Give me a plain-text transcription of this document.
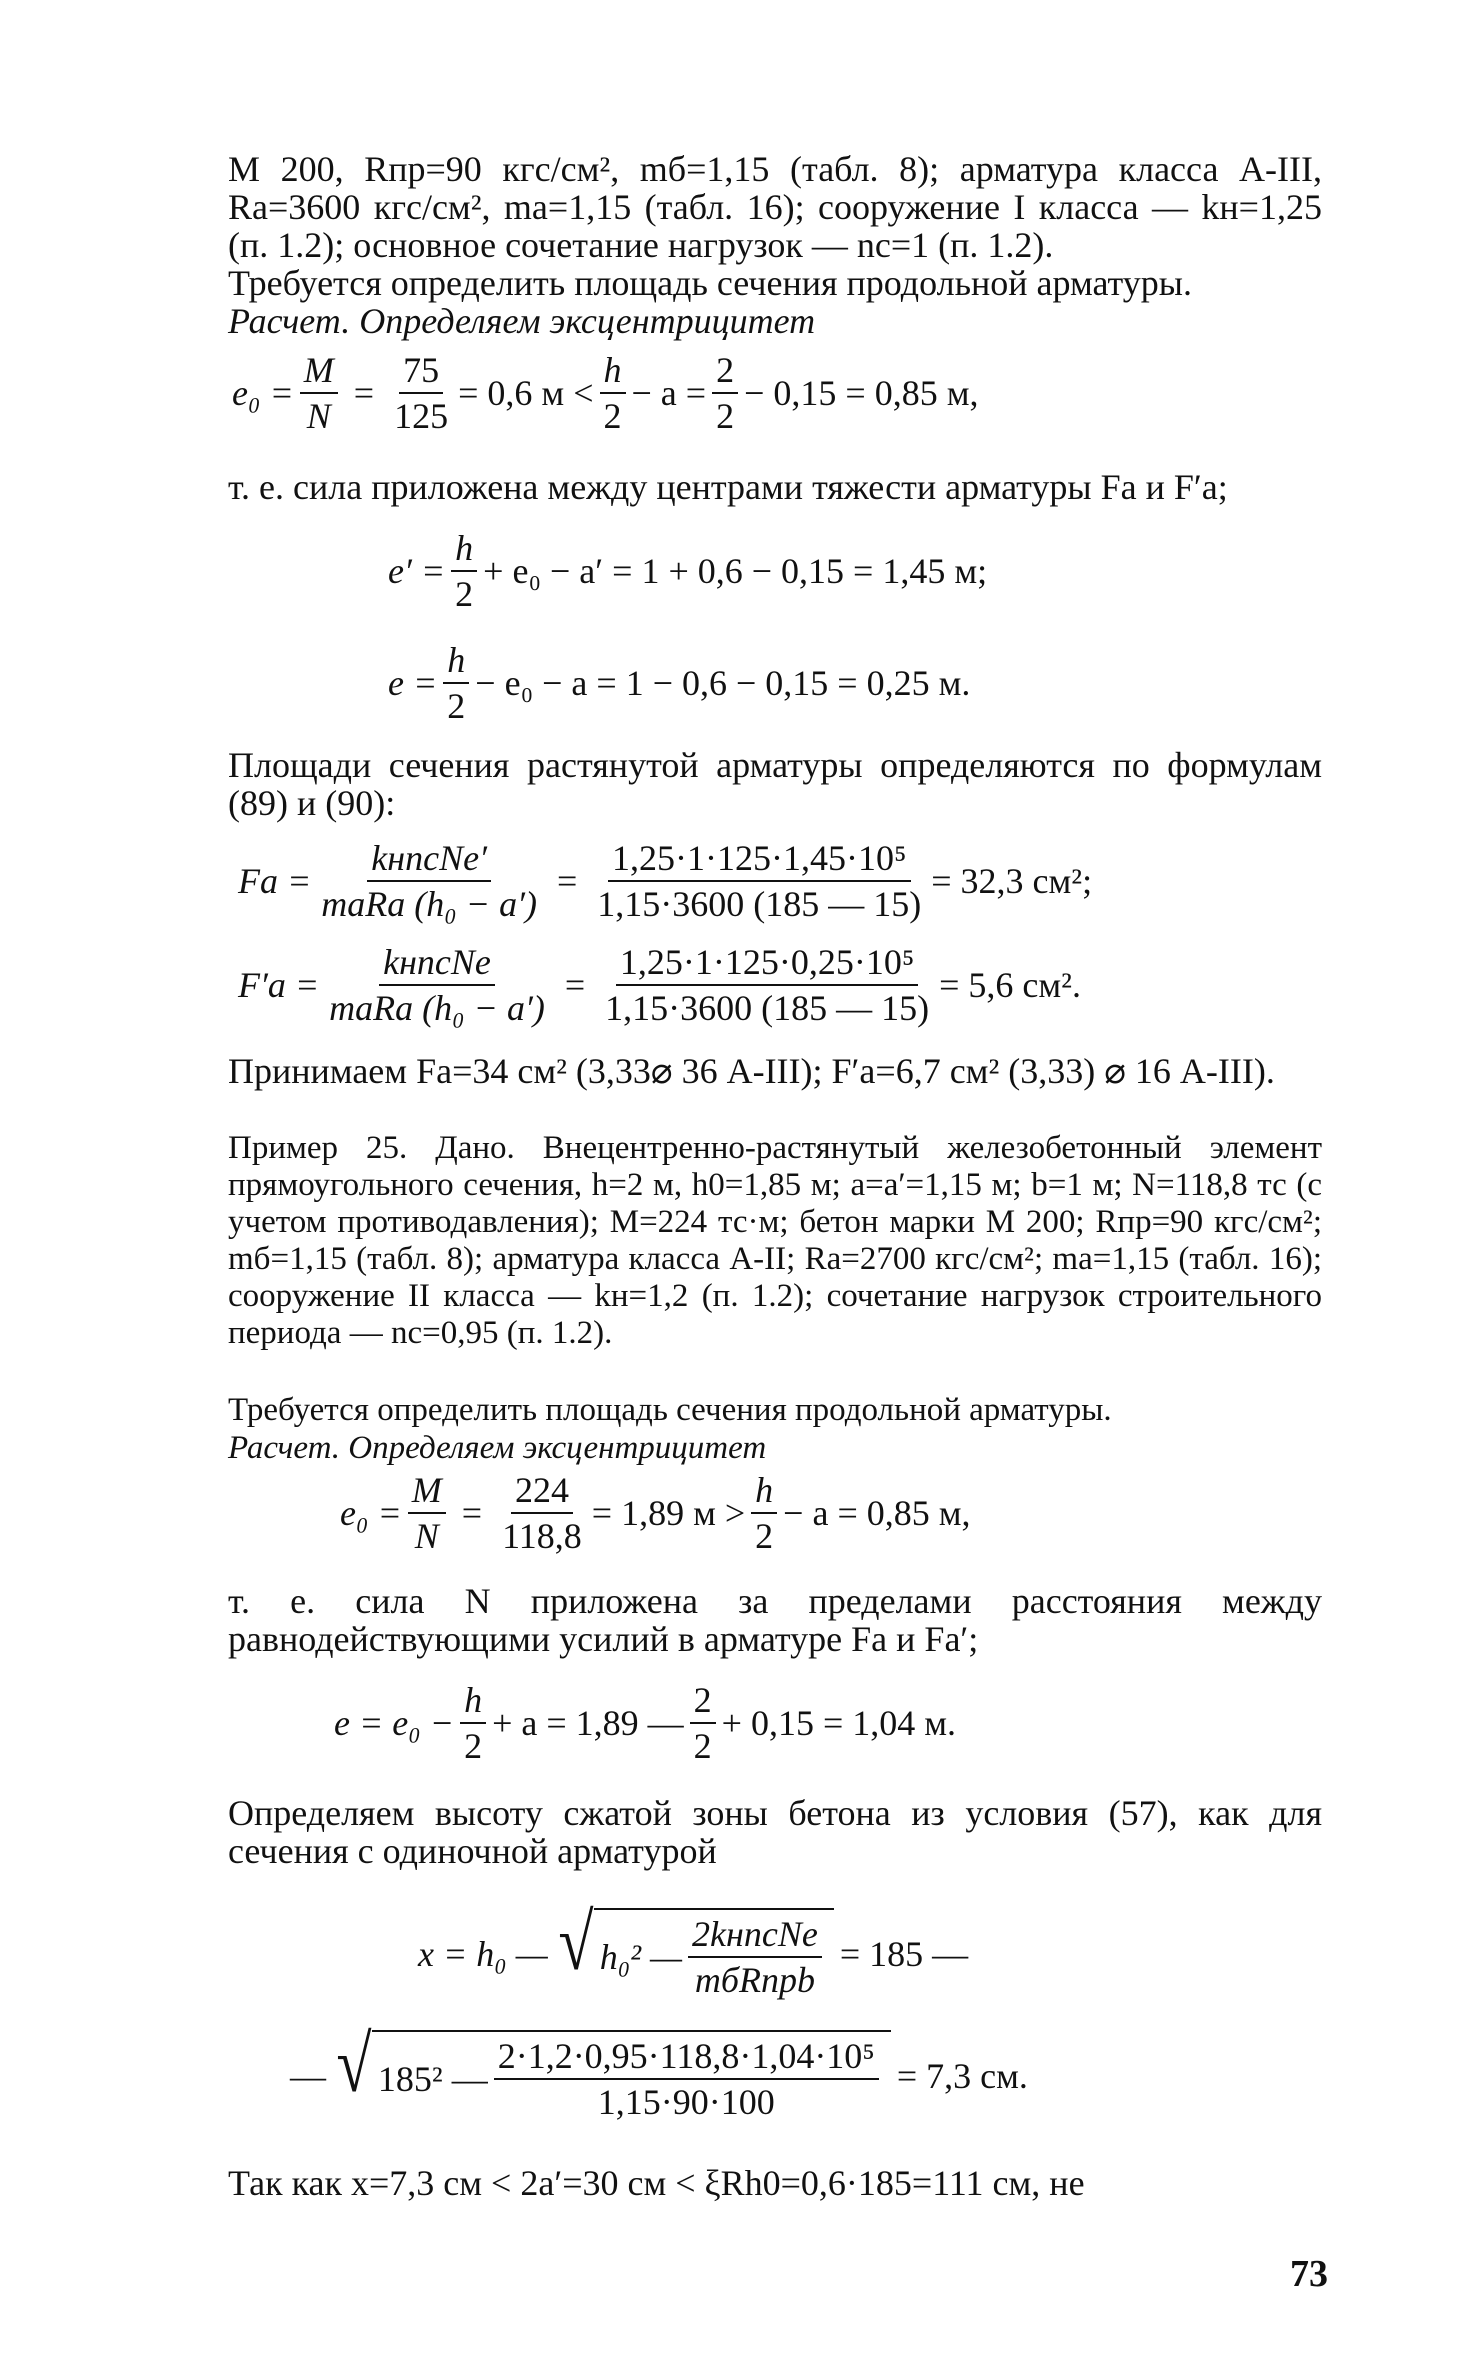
М 200, Rпр=90 кгс/см², mб=1,15 (табл. 8); арматура класса А-III, Rа=3600 кгс/см², mа=1,15 (табл. 16); сооружение I класса — kн=1,25 (п. 1.2); основное сочетание нагрузок — nc=1 (п. 1.2).
Требуется определить площадь сечения продольной арматуры.
Расчет. Определяем эксцентрицитет
$e_0 = \frac{M}{N} = \frac{75}{125} = 0,6$ $м < \frac{h}{2} - a = \frac{2}{2} - 0,15 = 0,85$ м,
т. е. сила приложена между центрами тяжести арматуры Fа и F′а;
$e' = \frac{h}{2} + e_0 - a' = 1 + 0,6 - 0,15 = 1,45$ м;
$e = \frac{h}{2} - e_0 - a = 1 - 0,6 - 0,15 = 0,25$ м.
Площади сечения растянутой арматуры определяются по формулам (89) и (90):
Fа = $\frac{\text{kнncNe′}}{\text{mаRа (h₀ − a′)}} = \frac{\text{1,25·1·125·1,45·10⁵}}{1,15\cdot 3600 (185 — 15)} = 32,3$ см²;
$F'а = \frac{\text{kнncNe}}{\text{mаRа (h₀ − a′)}} = \frac{\text{1,25·1·125·0,25·10⁵}}{1,15\cdot 3600 (185 — 15)} = 5,6$ см².
Принимаем Fа=34 см² (3,33⌀ 36 А-III); F′а=6,7 см² (3,33) ⌀ 16 А-III).
Пример 25. Дано. Внецентренно-растянутый железобетонный элемент прямоугольного сечения, h=2 м, h0=1,85 м; a=a′=1,15 м; b=1 м; N=118,8 тс (с учетом противодавления); M=224 тс·м; бетон марки М 200; Rпр=90 кгс/см²; mб=1,15 (табл. 8); арматура класса А-II; Rа=2700 кгс/см²; mа=1,15 (табл. 16); сооружение II класса — kн=1,2 (п. 1.2); сочетание нагрузок строительного периода — nc=0,95 (п. 1.2).
Требуется определить площадь сечения продольной арматуры.
Расчет. Определяем эксцентрицитет
$e_0 = \frac{M}{N} = \frac{224}{118,8} = 1,89$ $м > \frac{h}{2} - a = 0,85$ м,
т. е. сила N приложена за пределами расстояния между равнодействующими усилий в арматуре Fа и Fа′;
$e = e_0 - \frac{h}{2} + a = 1,89$ — $\frac{2}{2} + 0,15 = 1,04$ м.
Определяем высоту сжатой зоны бетона из условия (57), как для сечения с одиночной арматурой
x = h₀ — √ h₀² — $\frac{\text{2kнncNe}}{\text{mбRпрb}} = 185$ —
— √ 185² — $\frac{\text{2·1,2·0,95·118,8·1,04·10⁵}}{1,15\cdot 90\cdot 100} = 7,3$ см.
Так как x=7,3 см < 2a′=30 см < ξRh0=0,6·185=111 см, не
73
